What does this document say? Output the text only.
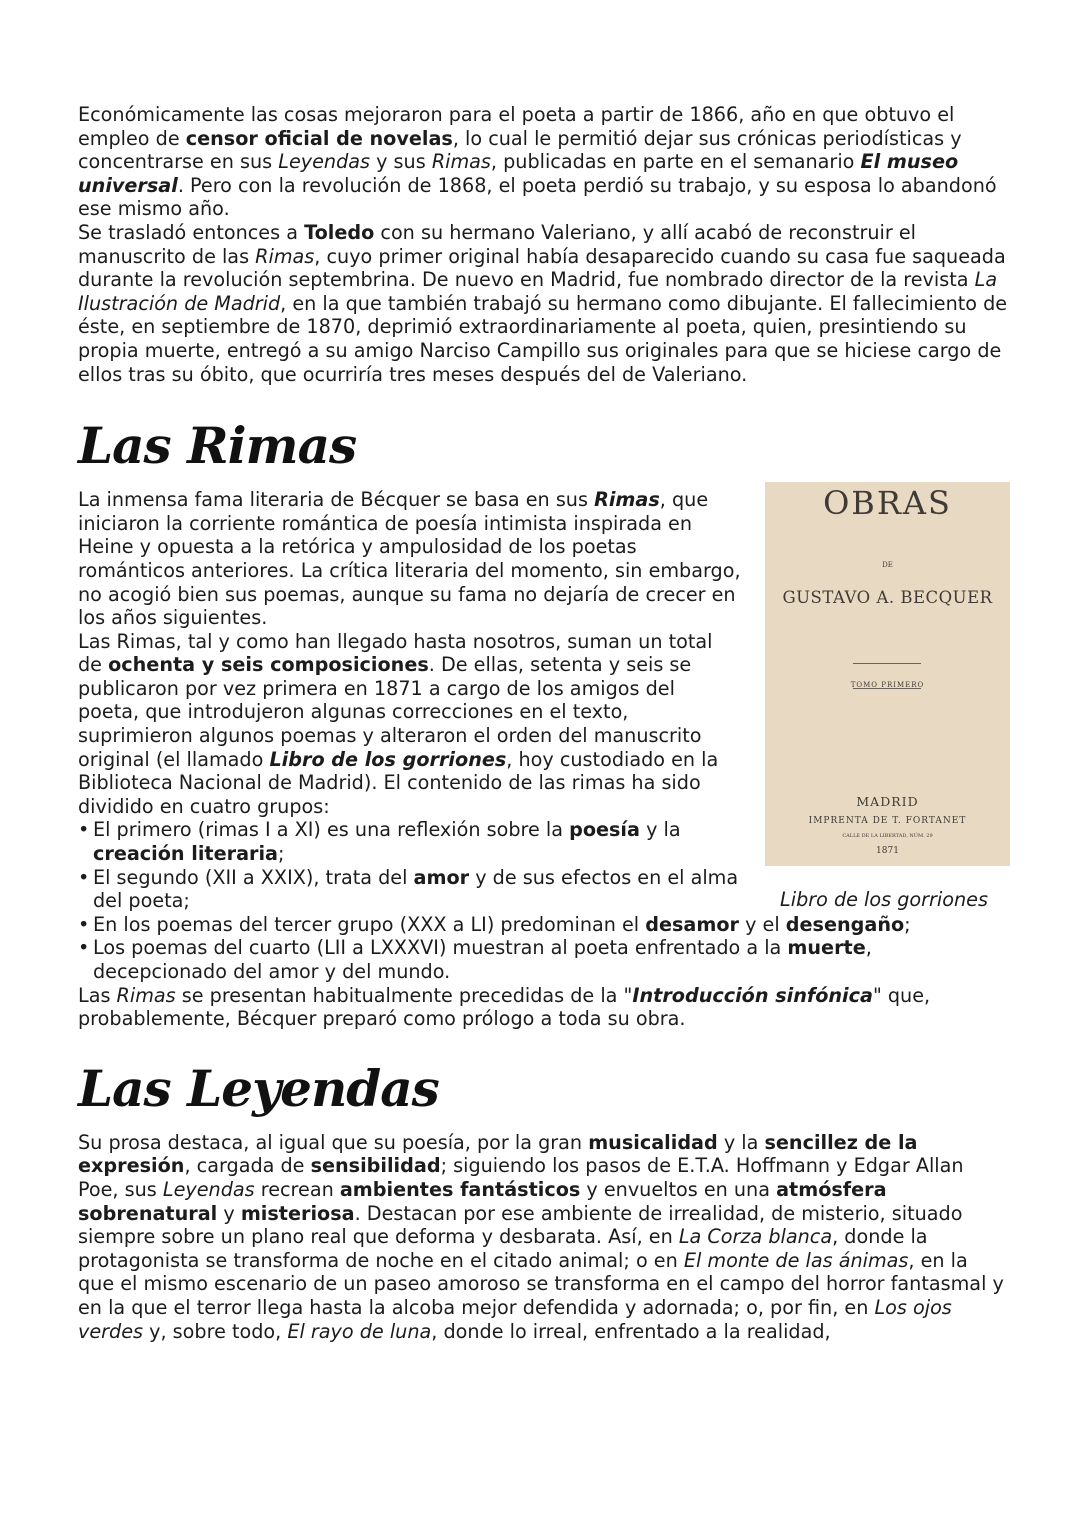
Económicamente las cosas mejoraron para el poeta a partir de 1866, año en que obtuvo el empleo de censor oficial de novelas, lo cual le permitió dejar sus crónicas periodísticas y concentrarse en sus Leyendas y sus Rimas, publicadas en parte en el semanario El museo universal. Pero con la revolución de 1868, el poeta perdió su trabajo, y su esposa lo abandonó ese mismo año.

Se trasladó entonces a Toledo con su hermano Valeriano, y allí acabó de reconstruir el manuscrito de las Rimas, cuyo primer original había desaparecido cuando su casa fue saqueada durante la revolución septembrina. De nuevo en Madrid, fue nombrado director de la revista La Ilustración de Madrid, en la que también trabajó su hermano como dibujante. El fallecimiento de éste, en septiembre de 1870, deprimió extraordinariamente al poeta, quien, presintiendo su propia muerte, entregó a su amigo Narciso Campillo sus originales para que se hiciese cargo de ellos tras su óbito, que ocurriría tres meses después del de Valeriano.

Las Rimas
OBRAS
DE
GUSTAVO A. BECQUER
TOMO PRIMERO
MADRID
IMPRENTA DE T. FORTANET
CALLE DE LA LIBERTAD, NÚM. 29
1871
Libro de los gorriones

La inmensa fama literaria de Bécquer se basa en sus Rimas, que iniciaron la corriente romántica de poesía intimista inspirada en Heine y opuesta a la retórica y ampulosidad de los poetas románticos anteriores. La crítica literaria del momento, sin embargo, no acogió bien sus poemas, aunque su fama no dejaría de crecer en los años siguientes.

Las Rimas, tal y como han llegado hasta nosotros, suman un total de ochenta y seis composiciones. De ellas, setenta y seis se publicaron por vez primera en 1871 a cargo de los amigos del poeta, que introdujeron algunas correcciones en el texto, suprimieron algunos poemas y alteraron el orden del manuscrito original (el llamado Libro de los gorriones, hoy custodiado en la Biblioteca Nacional de Madrid). El contenido de las rimas ha sido dividido en cuatro grupos:

• El primero (rimas I a XI) es una reflexión sobre la poesía y la creación literaria;
• El segundo (XII a XXIX), trata del amor y de sus efectos en el alma del poeta;
• En los poemas del tercer grupo (XXX a LI) predominan el desamor y el desengaño;
• Los poemas del cuarto (LII a LXXXVI) muestran al poeta enfrentado a la muerte, decepcionado del amor y del mundo.

Las Rimas se presentan habitualmente precedidas de la "Introducción sinfónica" que, probablemente, Bécquer preparó como prólogo a toda su obra.

Las Leyendas

Su prosa destaca, al igual que su poesía, por la gran musicalidad y la sencillez de la expresión, cargada de sensibilidad; siguiendo los pasos de E.T.A. Hoffmann y Edgar Allan Poe, sus Leyendas recrean ambientes fantásticos y envueltos en una atmósfera sobrenatural y misteriosa. Destacan por ese ambiente de irrealidad, de misterio, situado siempre sobre un plano real que deforma y desbarata. Así, en La Corza blanca, donde la protagonista se transforma de noche en el citado animal; o en El monte de las ánimas, en la que el mismo escenario de un paseo amoroso se transforma en el campo del horror fantasmal y en la que el terror llega hasta la alcoba mejor defendida y adornada; o, por fin, en Los ojos verdes y, sobre todo, El rayo de luna, donde lo irreal, enfrentado a la realidad,
